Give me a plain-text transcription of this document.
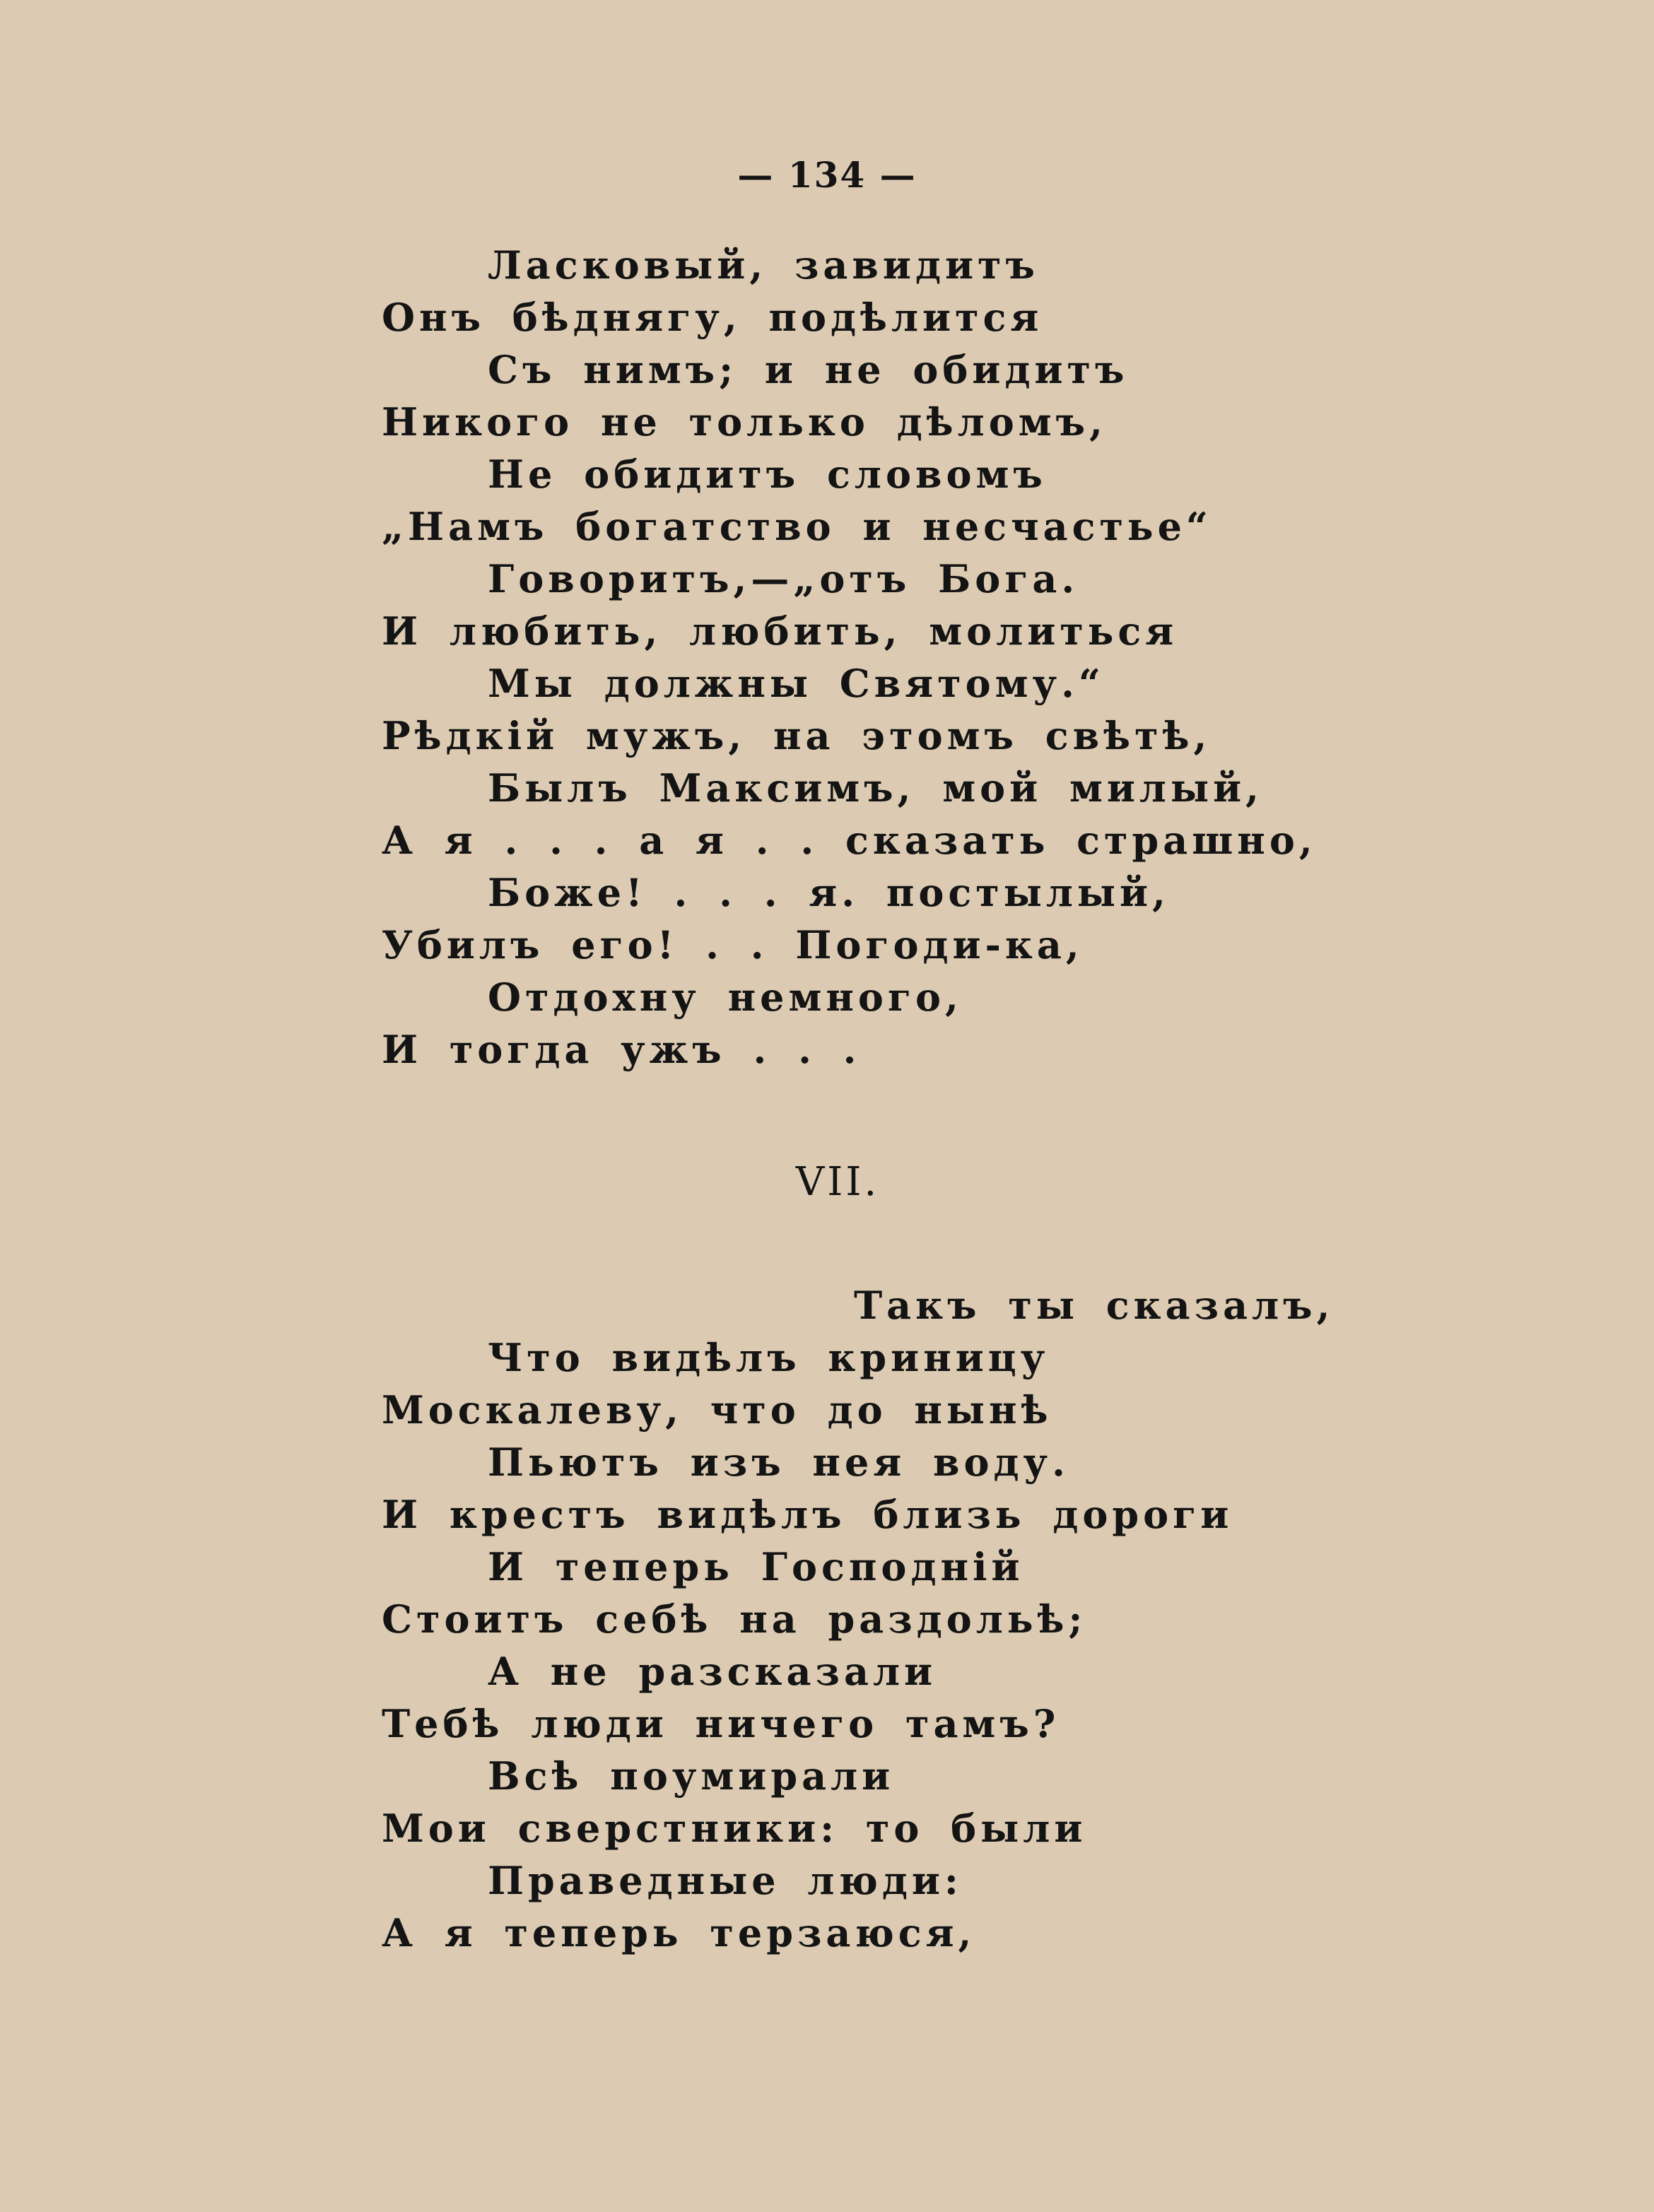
— 134 —
Ласковый, завидитъ
Онъ бѣднягу, подѣлится
Съ нимъ; и не обидитъ
Никого не только дѣломъ,
Не обидитъ словомъ
„Намъ богатство и несчастье“
Говоритъ,—„отъ Бога.
И любить, любить, молиться
Мы должны Святому.“
Рѣдкій мужъ, на этомъ свѣтѣ,
Былъ Максимъ, мой милый,
А я . . . а я . . сказать страшно,
Боже! . . . я. постылый,
Убилъ его! . . Погоди-ка,
Отдохну немного,
И тогда ужъ . . .
VII.
Такъ ты сказалъ,
Что видѣлъ криницу
Москалеву, что до нынѣ
Пьютъ изъ нея воду.
И крестъ видѣлъ близь дороги
И теперь Господній
Стоитъ себѣ на раздольѣ;
А не разсказали
Тебѣ люди ничего тамъ?
Всѣ поумирали
Мои сверстники: то были
Праведные люди:
А я теперь терзаюся,
